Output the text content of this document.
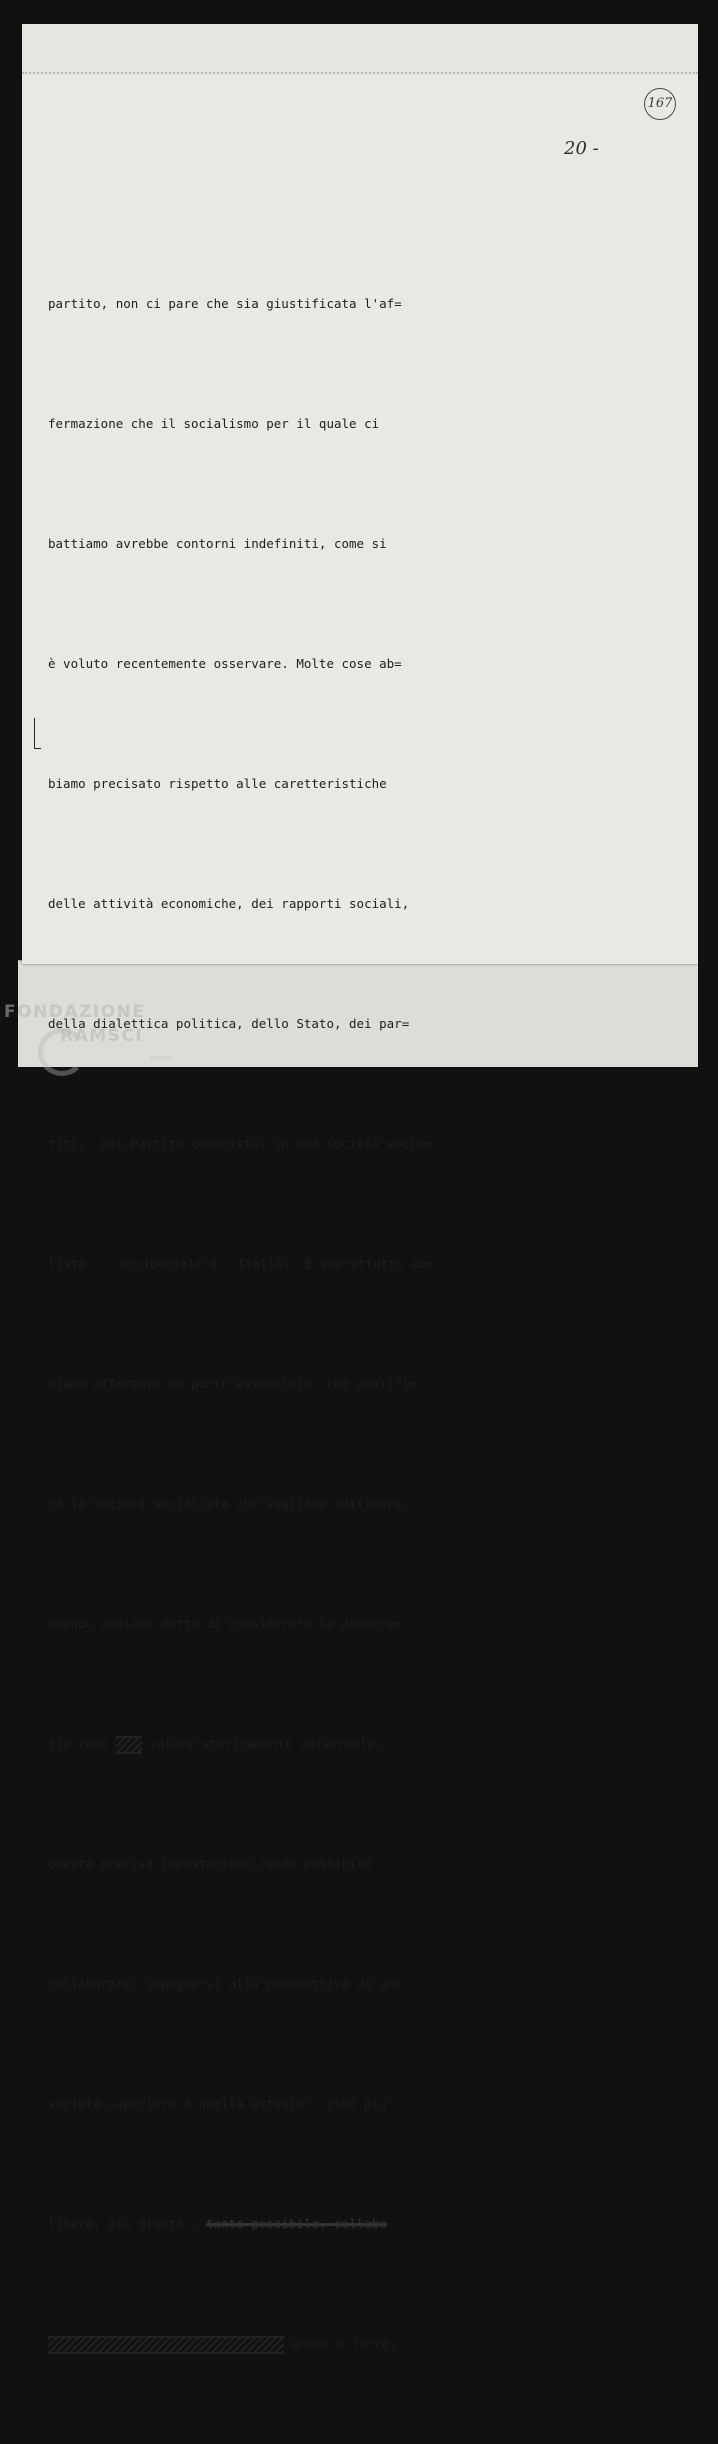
167
20 -

partito, non ci pare che sia giustificata l'af=

fermazione che il socialismo per il quale ci

battiamo avrebbe contorni indefiniti, come si

è voluto recentemente osservare. Molte cose ab=

biamo precisato rispetto alle caretteristiche

delle attività economiche, dei rapporti sociali,

della dialettica politica, dello Stato, dei par=

titi, edel Partito comunista, in una società socia=

lista nell'occidentale e inItalia.  E soprattutto ab=

biamo affermato un punto essenziale, che qualifi=

ca la società socialista che vogliamo edificare,

quando abbiamo detto di considerare la democra=

zia come  valore storicamente universale.

Questa precisa impostazione rende possibile

collaborare, impegnarsi alla prospettiva di una

società superiore a quella attuale: ecioè più

libera, più giusta ) tanto possibile. collabo

anche a forze,

FONDAZIONE
RAMSCI
online
